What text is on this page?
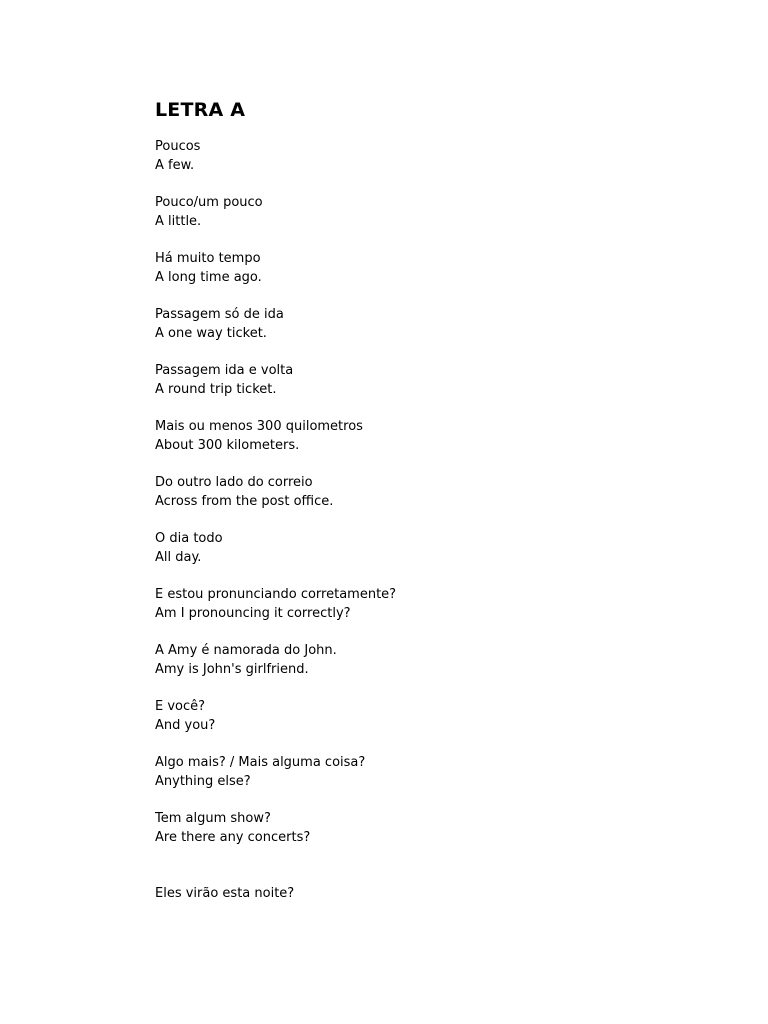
LETRA A
Poucos
A few.
Pouco/um pouco
A little.
Há muito tempo
A long time ago.
Passagem só de ida
A one way ticket.
Passagem ida e volta
A round trip ticket.
Mais ou menos 300 quilometros
About 300 kilometers.
Do outro lado do correio
Across from the post office.
O dia todo
All day.
E estou pronunciando corretamente?
Am I pronouncing it correctly?
A Amy é namorada do John.
Amy is John's girlfriend.
E você?
And you?
Algo mais? / Mais alguma coisa?
Anything else?
Tem algum show?
Are there any concerts?
Eles virão esta noite?
